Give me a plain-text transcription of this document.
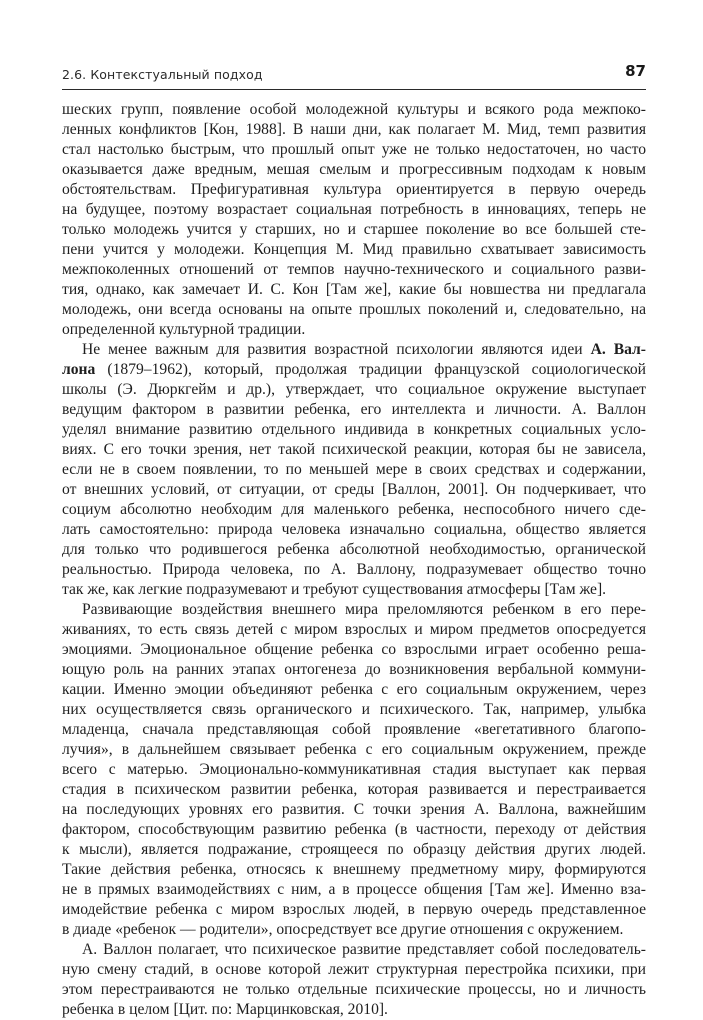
2.6. Контекстуальный подход	87
шеских групп, появление особой молодежной культуры и всякого рода межпоко-
ленных конфликтов [Кон, 1988]. В наши дни, как полагает М. Мид, темп развития
стал настолько быстрым, что прошлый опыт уже не только недостаточен, но часто
оказывается даже вредным, мешая смелым и прогрессивным подходам к новым
обстоятельствам. Префигуративная культура ориентируется в первую очередь
на будущее, поэтому возрастает социальная потребность в инновациях, теперь не
только молодежь учится у старших, но и старшее поколение во все большей сте-
пени учится у молодежи. Концепция М. Мид правильно схватывает зависимость
межпоколенных отношений от темпов научно-технического и социального разви-
тия, однако, как замечает И. С. Кон [Там же], какие бы новшества ни предлагала
молодежь, они всегда основаны на опыте прошлых поколений и, следовательно, на
определенной культурной традиции.
Не менее важным для развития возрастной психологии являются идеи А. Вал-
лона (1879–1962), который, продолжая традиции французской социологической
школы (Э. Дюркгейм и др.), утверждает, что социальное окружение выступает
ведущим фактором в развитии ребенка, его интеллекта и личности. А. Валлон
уделял внимание развитию отдельного индивида в конкретных социальных усло-
виях. С его точки зрения, нет такой психической реакции, которая бы не зависела,
если не в своем появлении, то по меньшей мере в своих средствах и содержании,
от внешних условий, от ситуации, от среды [Валлон, 2001]. Он подчеркивает, что
социум абсолютно необходим для маленького ребенка, неспособного ничего сде-
лать самостоятельно: природа человека изначально социальна, общество является
для только что родившегося ребенка абсолютной необходимостью, органической
реальностью. Природа человека, по А. Валлону, подразумевает общество точно
так же, как легкие подразумевают и требуют существования атмосферы [Там же].
Развивающие воздействия внешнего мира преломляются ребенком в его пере-
живаниях, то есть связь детей с миром взрослых и миром предметов опосредуется
эмоциями. Эмоциональное общение ребенка со взрослыми играет особенно реша-
ющую роль на ранних этапах онтогенеза до возникновения вербальной коммуни-
кации. Именно эмоции объединяют ребенка с его социальным окружением, через
них осуществляется связь органического и психического. Так, например, улыбка
младенца, сначала представляющая собой проявление «вегетативного благопо-
лучия», в дальнейшем связывает ребенка с его социальным окружением, прежде
всего с матерью. Эмоционально-коммуникативная стадия выступает как первая
стадия в психическом развитии ребенка, которая развивается и перестраивается
на последующих уровнях его развития. С точки зрения А. Валлона, важнейшим
фактором, способствующим развитию ребенка (в частности, переходу от действия
к мысли), является подражание, строящееся по образцу действия других людей.
Такие действия ребенка, относясь к внешнему предметному миру, формируются
не в прямых взаимодействиях с ним, а в процессе общения [Там же]. Именно вза-
имодействие ребенка с миром взрослых людей, в первую очередь представленное
в диаде «ребенок — родители», опосредствует все другие отношения с окружением.
А. Валлон полагает, что психическое развитие представляет собой последователь-
ную смену стадий, в основе которой лежит структурная перестройка психики, при
этом перестраиваются не только отдельные психические процессы, но и личность
ребенка в целом [Цит. по: Марцинковская, 2010].
